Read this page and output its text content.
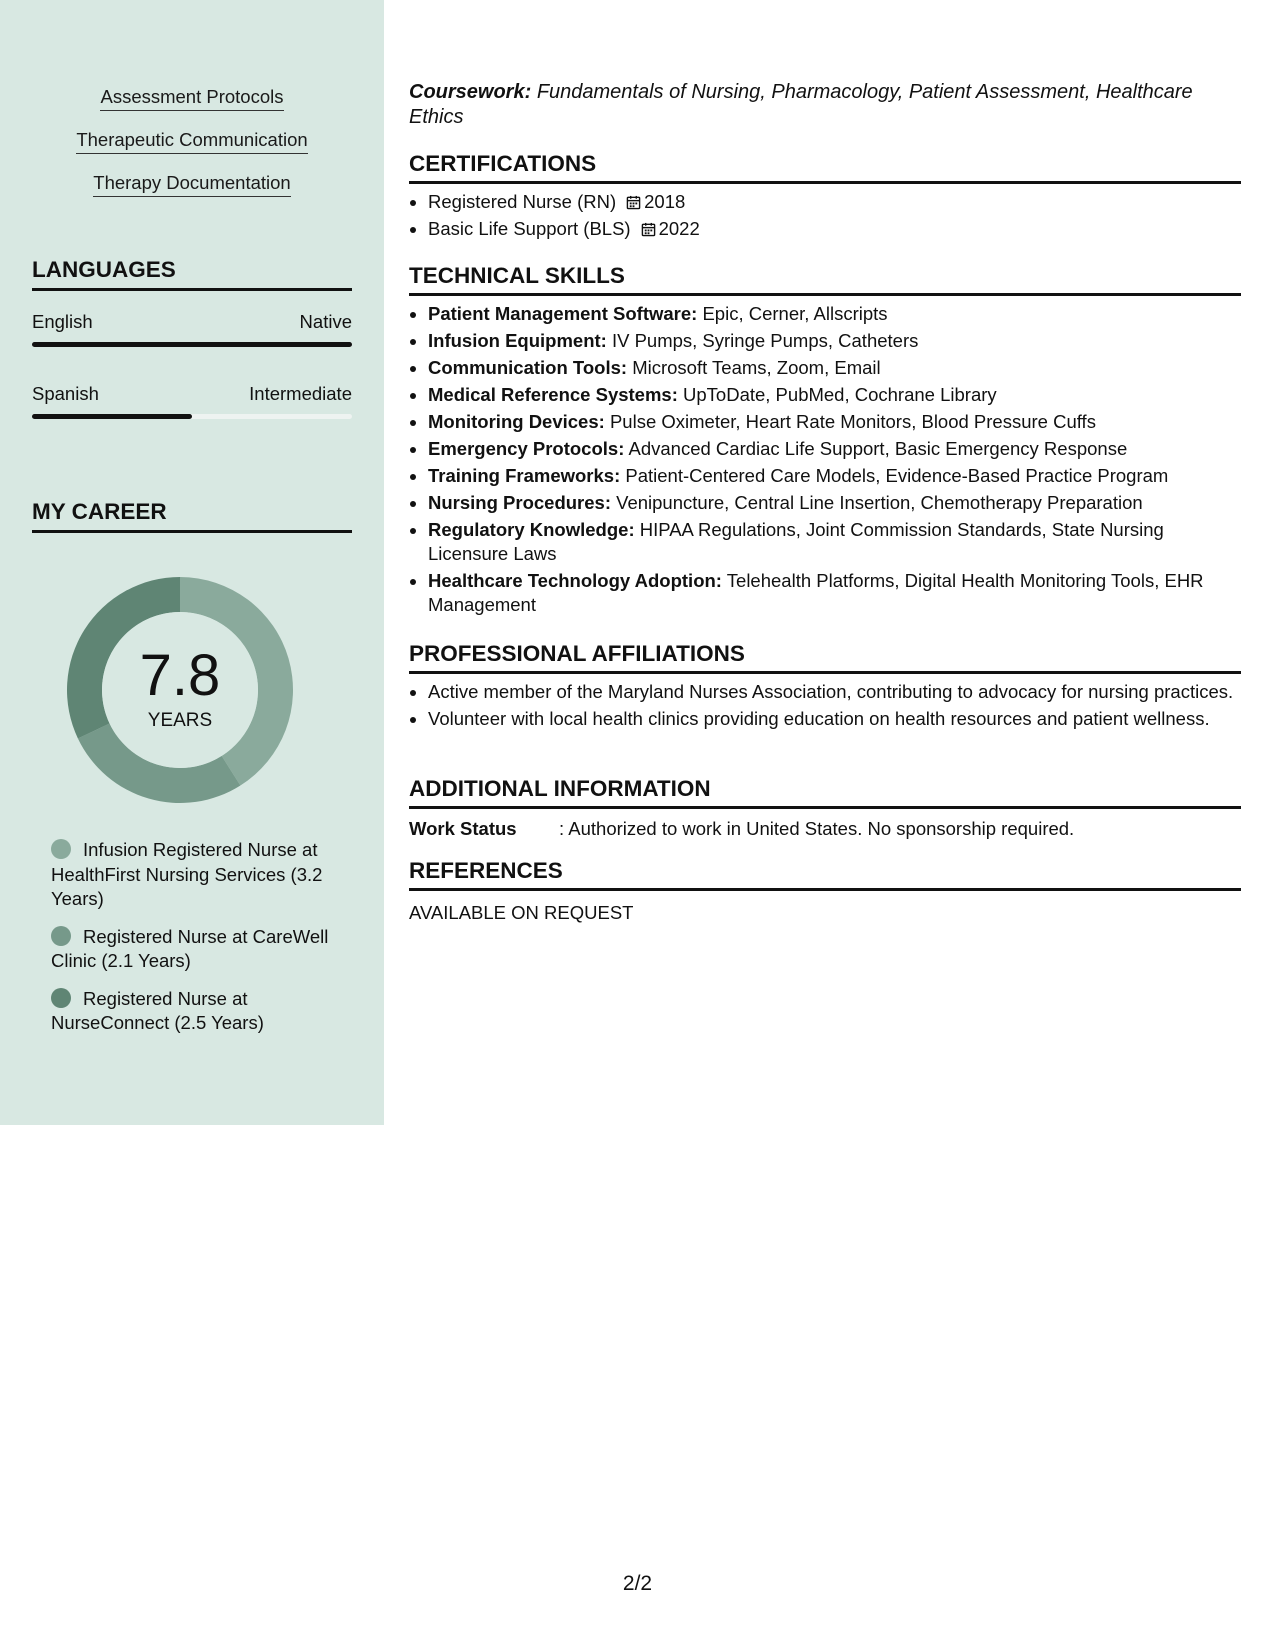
Assessment Protocols
Therapeutic Communication
Therapy Documentation
LANGUAGES
English	Native
Spanish	Intermediate
MY CAREER
7.8
YEARS
Infusion Registered Nurse at HealthFirst Nursing Services (3.2 Years)
Registered Nurse at CareWell Clinic (2.1 Years)
Registered Nurse at NurseConnect (2.5 Years)
Coursework: Fundamentals of Nursing, Pharmacology, Patient Assessment, Healthcare Ethics
CERTIFICATIONS
• Registered Nurse (RN) 2018
• Basic Life Support (BLS) 2022
TECHNICAL SKILLS
• Patient Management Software: Epic, Cerner, Allscripts
• Infusion Equipment: IV Pumps, Syringe Pumps, Catheters
• Communication Tools: Microsoft Teams, Zoom, Email
• Medical Reference Systems: UpToDate, PubMed, Cochrane Library
• Monitoring Devices: Pulse Oximeter, Heart Rate Monitors, Blood Pressure Cuffs
• Emergency Protocols: Advanced Cardiac Life Support, Basic Emergency Response
• Training Frameworks: Patient-Centered Care Models, Evidence-Based Practice Program
• Nursing Procedures: Venipuncture, Central Line Insertion, Chemotherapy Preparation
• Regulatory Knowledge: HIPAA Regulations, Joint Commission Standards, State Nursing Licensure Laws
• Healthcare Technology Adoption: Telehealth Platforms, Digital Health Monitoring Tools, EHR Management
PROFESSIONAL AFFILIATIONS
• Active member of the Maryland Nurses Association, contributing to advocacy for nursing practices.
• Volunteer with local health clinics providing education on health resources and patient wellness.
ADDITIONAL INFORMATION
Work Status	: Authorized to work in United States. No sponsorship required.
REFERENCES
AVAILABLE ON REQUEST
2/2
